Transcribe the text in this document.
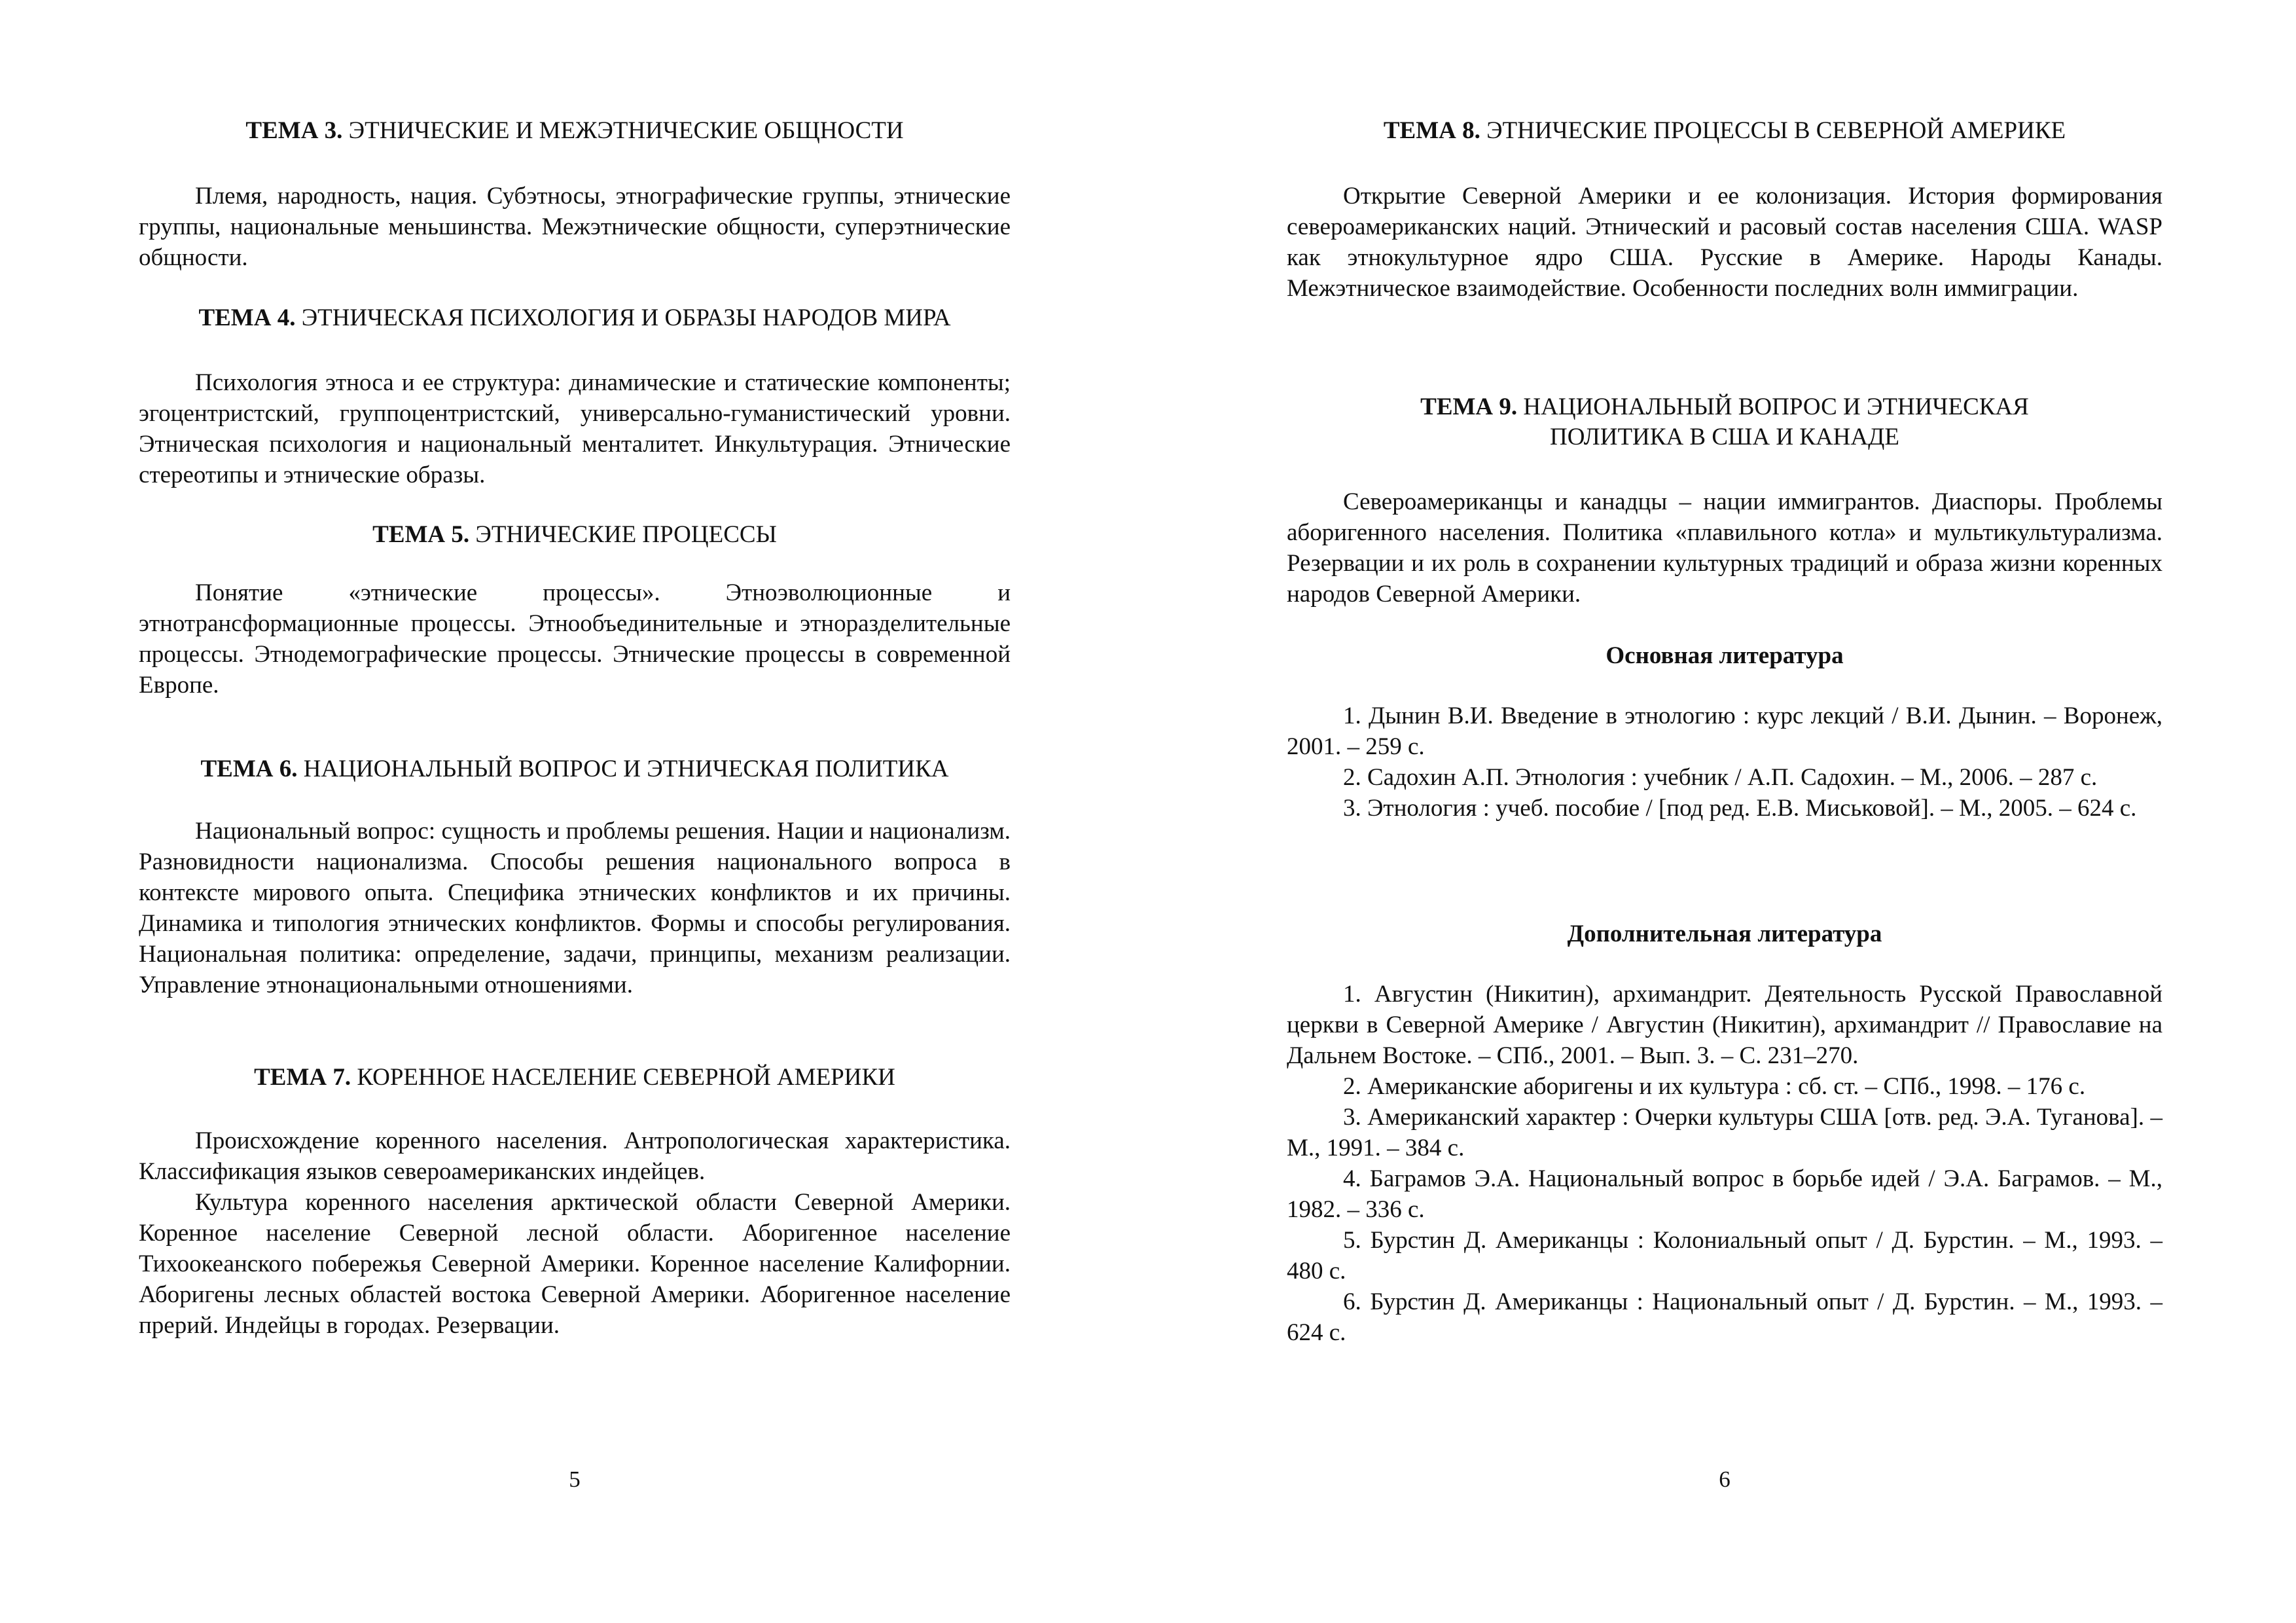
ТЕМА 3. ЭТНИЧЕСКИЕ И МЕЖЭТНИЧЕСКИЕ ОБЩНОСТИ

Племя, народность, нация. Субэтносы, этнографические группы, этнические группы, национальные меньшинства. Межэтнические общности, суперэтнические общности.

ТЕМА 4. ЭТНИЧЕСКАЯ ПСИХОЛОГИЯ И ОБРАЗЫ НАРОДОВ МИРА

Психология этноса и ее структура: динамические и статические компоненты; эгоцентристский, группоцентристский, универсально-гуманистический уровни. Этническая психология и национальный менталитет. Инкультурация. Этнические стереотипы и этнические образы.

ТЕМА 5. ЭТНИЧЕСКИЕ ПРОЦЕССЫ

Понятие «этнические процессы». Этноэволюционные и этнотрансформационные процессы. Этнообъединительные и этноразделительные процессы. Этнодемографические процессы. Этнические процессы в современной Европе.

ТЕМА 6. НАЦИОНАЛЬНЫЙ ВОПРОС И ЭТНИЧЕСКАЯ ПОЛИТИКА

Национальный вопрос: сущность и проблемы решения. Нации и национализм. Разновидности национализма. Способы решения национального вопроса в контексте мирового опыта. Специфика этнических конфликтов и их причины. Динамика и типология этнических конфликтов. Формы и способы регулирования. Национальная политика: определение, задачи, принципы, механизм реализации. Управление этнонациональными отношениями.

ТЕМА 7. КОРЕННОЕ НАСЕЛЕНИЕ СЕВЕРНОЙ АМЕРИКИ

Происхождение коренного населения. Антропологическая характеристика. Классификация языков североамериканских индейцев.

Культура коренного населения арктической области Северной Америки. Коренное население Северной лесной области. Аборигенное население Тихоокеанского побережья Северной Америки. Коренное население Калифорнии. Аборигены лесных областей востока Северной Америки. Аборигенное население прерий. Индейцы в городах. Резервации.

5

ТЕМА 8. ЭТНИЧЕСКИЕ ПРОЦЕССЫ В СЕВЕРНОЙ АМЕРИКЕ

Открытие Северной Америки и ее колонизация. История формирования североамериканских наций. Этнический и расовый состав населения США. WASP как этнокультурное ядро США. Русские в Америке. Народы Канады. Межэтническое взаимодействие. Особенности последних волн иммиграции.

ТЕМА 9. НАЦИОНАЛЬНЫЙ ВОПРОС И ЭТНИЧЕСКАЯ
ПОЛИТИКА В США И КАНАДЕ

Североамериканцы и канадцы – нации иммигрантов. Диаспоры. Проблемы аборигенного населения. Политика «плавильного котла» и мультикультурализма. Резервации и их роль в сохранении культурных традиций и образа жизни коренных народов Северной Америки.

Основная литература

1. Дынин В.И. Введение в этнологию : курс лекций / В.И. Дынин. – Воронеж, 2001. – 259 с.

2. Садохин А.П. Этнология : учебник / А.П. Садохин. – М., 2006. – 287 с.

3. Этнология : учеб. пособие / [под ред. Е.В. Миськовой]. – М., 2005. – 624 с.

Дополнительная литература

1. Августин (Никитин), архимандрит. Деятельность Русской Православной церкви в Северной Америке / Августин (Никитин), архимандрит // Православие на Дальнем Востоке. – СПб., 2001. – Вып. 3. – С. 231–270.

2. Американские аборигены и их культура : сб. ст. – СПб., 1998. – 176 с.

3. Американский характер : Очерки культуры США [отв. ред. Э.А. Туганова]. – М., 1991. – 384 с.

4. Баграмов Э.А. Национальный вопрос в борьбе идей / Э.А. Баграмов. – М., 1982. – 336 с.

5. Бурстин Д. Американцы : Колониальный опыт / Д. Бурстин. – М., 1993. – 480 с.

6. Бурстин Д. Американцы : Национальный опыт / Д. Бурстин. – М., 1993. – 624 с.

6
